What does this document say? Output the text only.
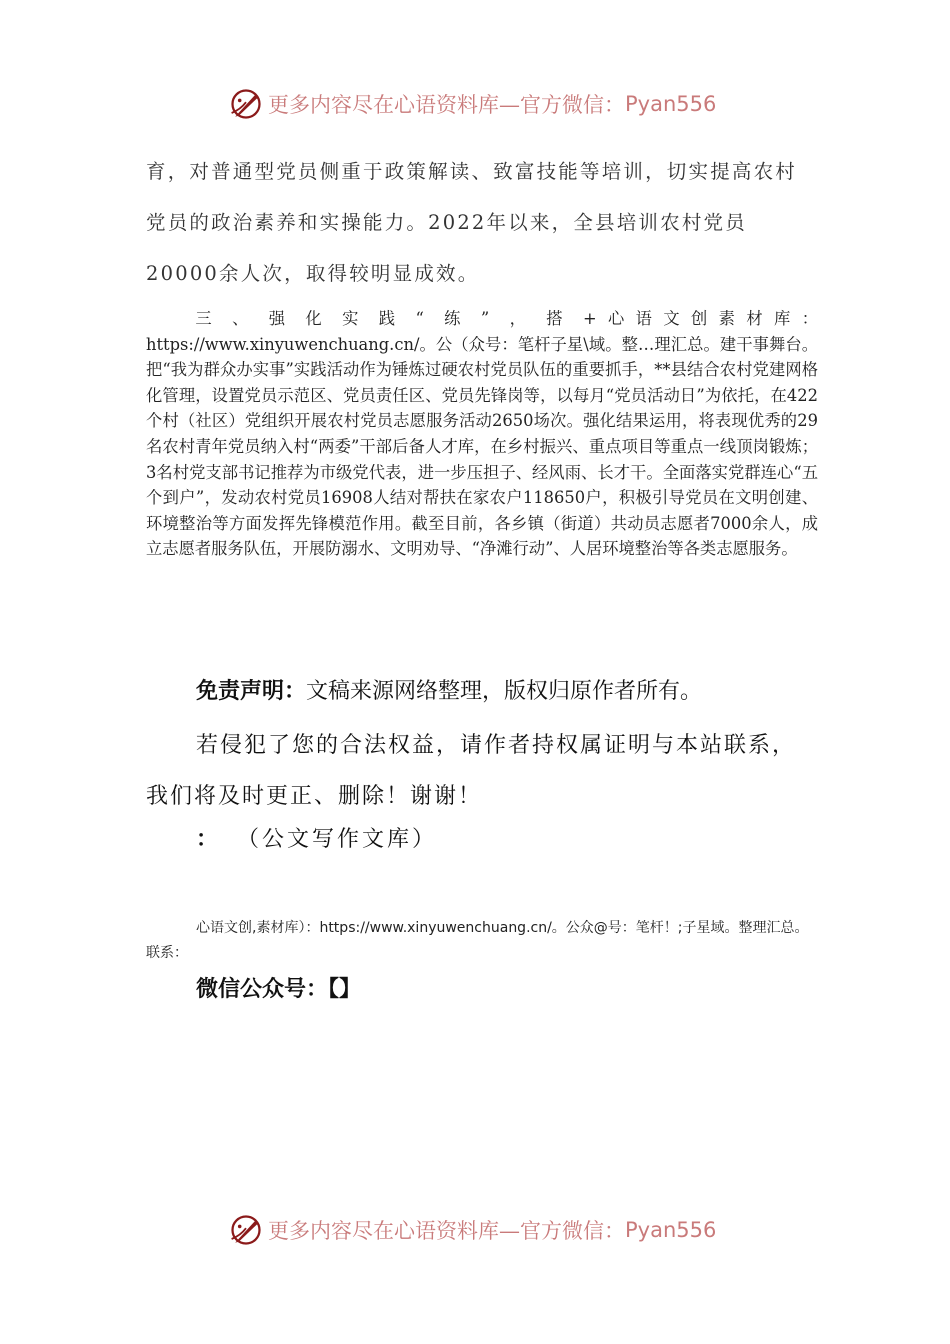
更多内容尽在心语资料库—官方微信： Pyan556

育，对普通型党员侧重于政策解读、致富技能等培训，切实提高农村党员的政治素养和实操能力。2022年以来，全县培训农村党员20000余人次，取得较明显成效。

三、强化实践“练”，搭+心语文创素材库：https://www.xinyuwenchuang.cn/。公（众号：笔杆子星\域。整…理汇总。建干事舞台。把“我为群众办实事”实践活动作为锤炼过硬农村党员队伍的重要抓手，**县结合农村党建网格化管理，设置党员示范区、党员责任区、党员先锋岗等，以每月“党员活动日”为依托，在422个村（社区）党组织开展农村党员志愿服务活动2650场次。强化结果运用，将表现优秀的29名农村青年党员纳入村“两委”干部后备人才库，在乡村振兴、重点项目等重点一线顶岗锻炼；3名村党支部书记推荐为市级党代表，进一步压担子、经风雨、长才干。全面落实党群连心“五个到户”，发动农村党员16908人结对帮扶在家农户118650户，积极引导党员在文明创建、环境整治等方面发挥先锋模范作用。截至目前，各乡镇（街道）共动员志愿者7000余人，成立志愿者服务队伍，开展防溺水、文明劝导、“净滩行动”、人居环境整治等各类志愿服务。

免责声明：文稿来源网络整理，版权归原作者所有。

若侵犯了您的合法权益，请作者持权属证明与本站联系，我们将及时更正、删除！谢谢！

： （公文写作文库）

心语文创,素材库）：https://www.xinyuwenchuang.cn/。公众@号：笔杆！;子星域。整理汇总。联系：

微信公众号：【】

更多内容尽在心语资料库—官方微信： Pyan556
